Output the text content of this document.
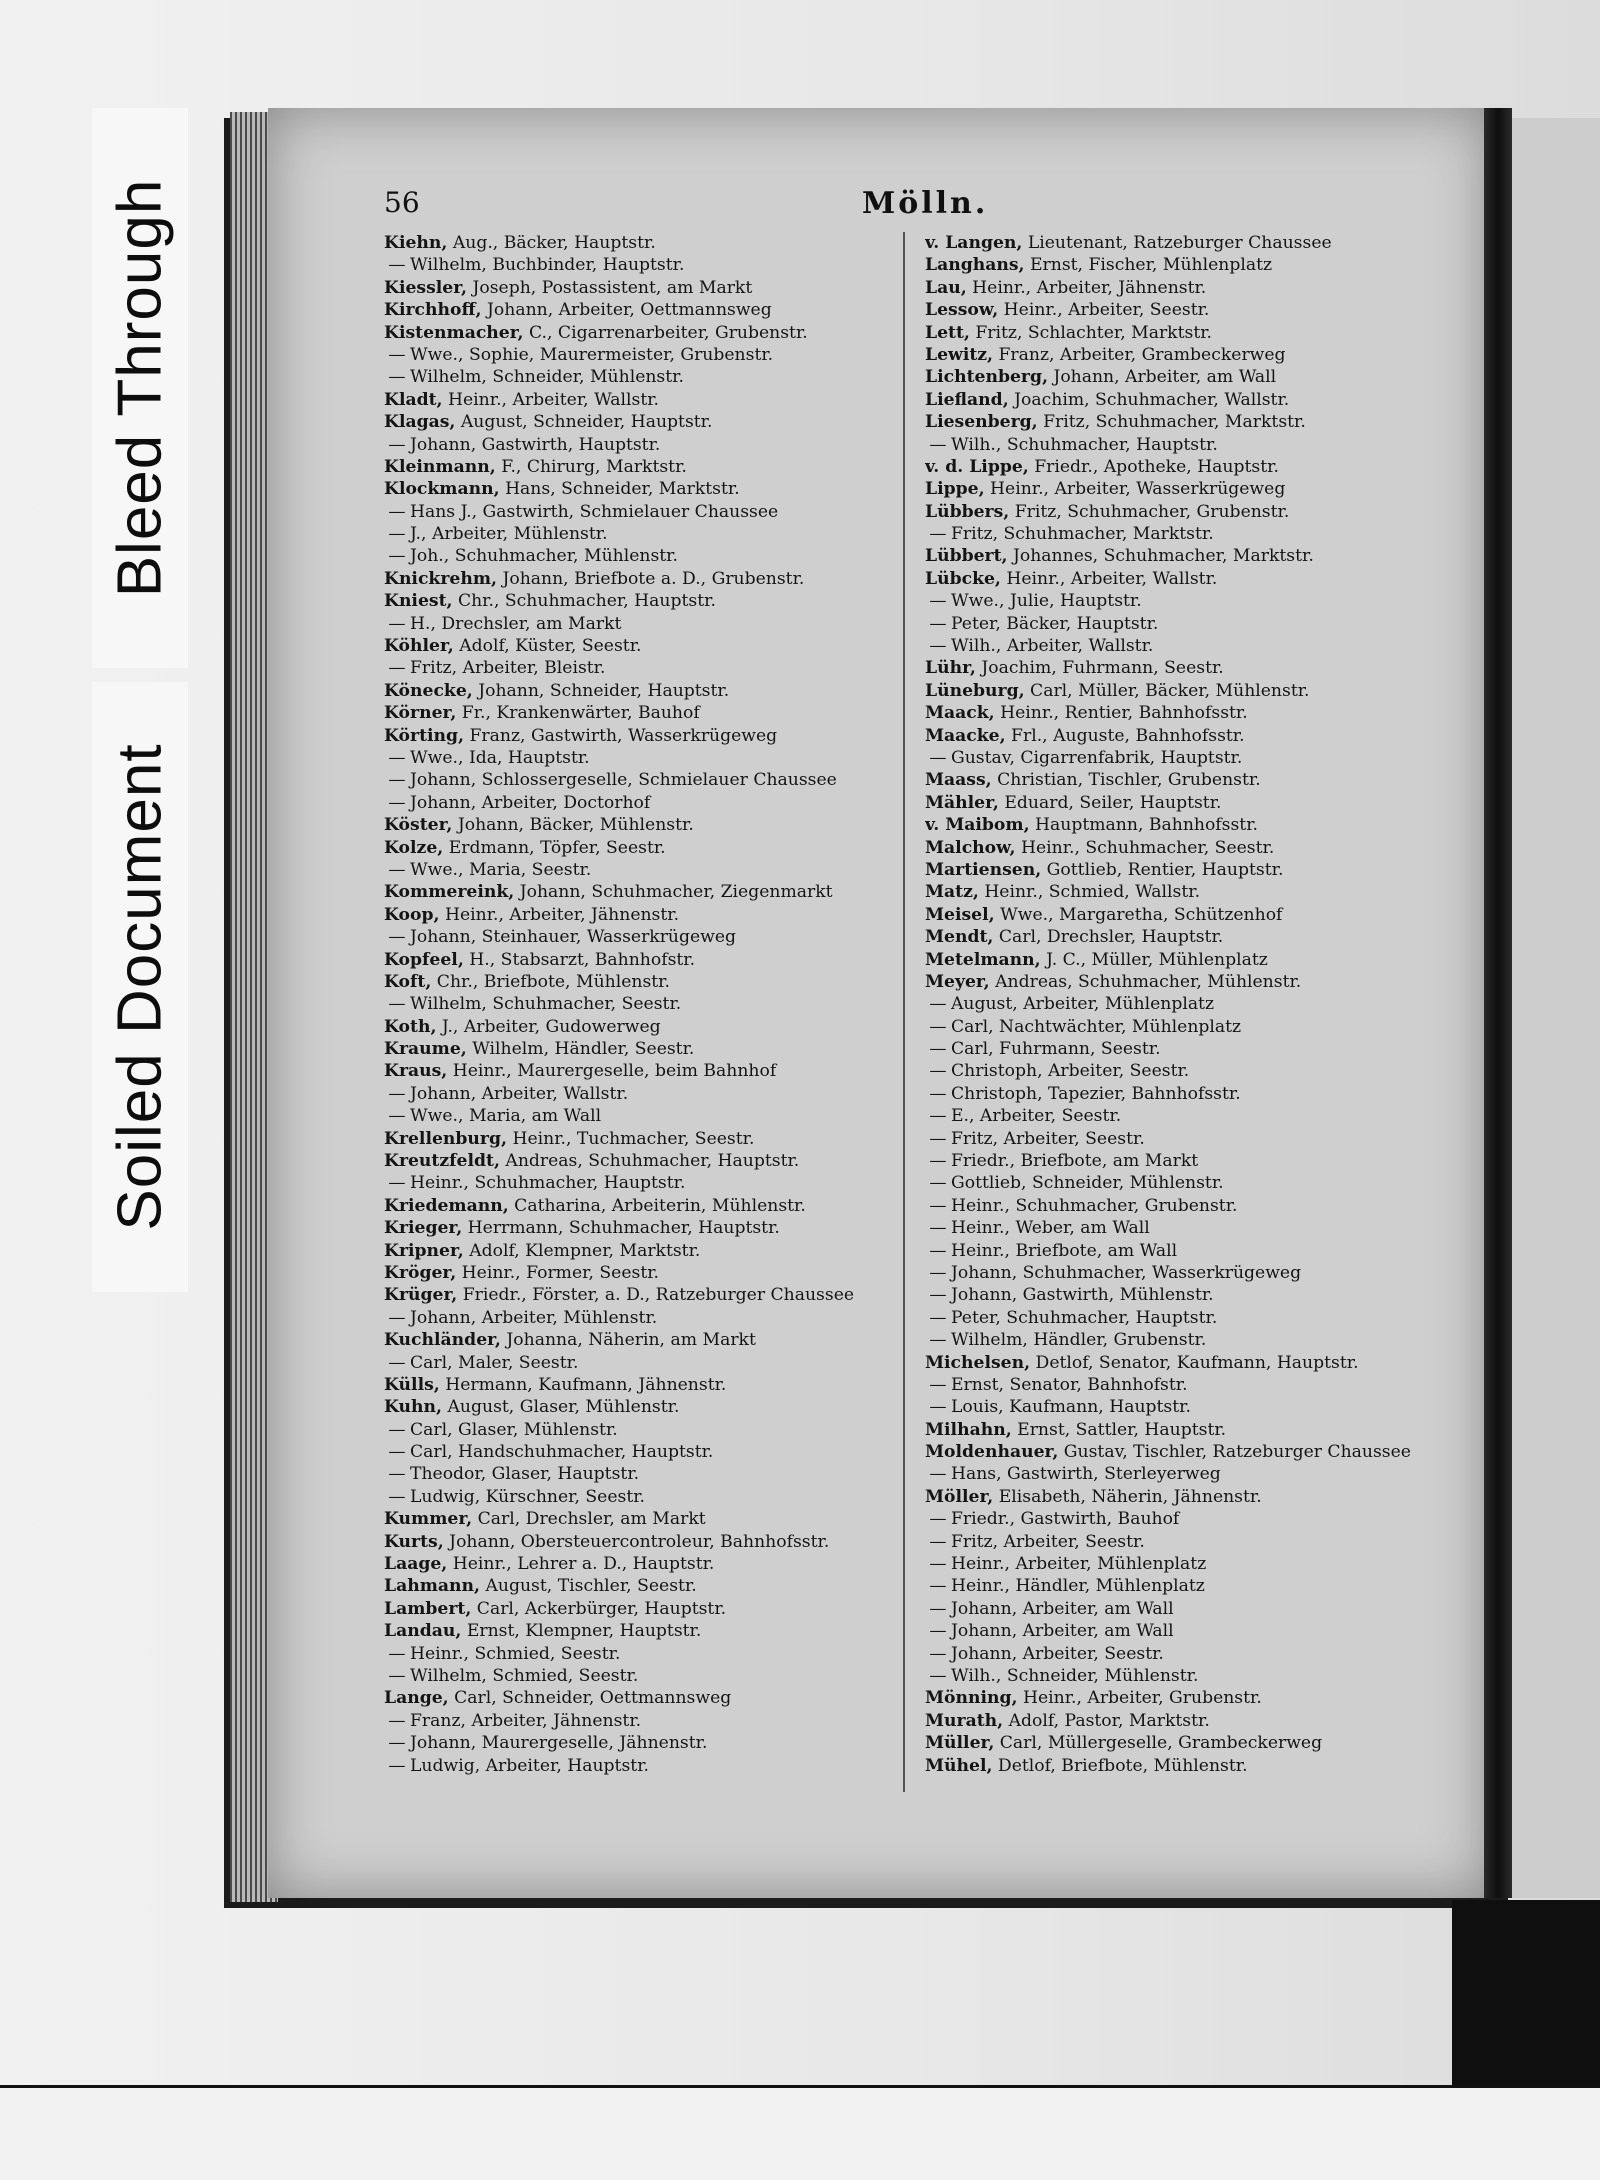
Bleed Through
Soiled Document
56	Mölln.
Kiehn, Aug., Bäcker, Hauptstr.
— Wilhelm, Buchbinder, Hauptstr.
Kiessler, Joseph, Postassistent, am Markt
Kirchhoff, Johann, Arbeiter, Oettmannsweg
Kistenmacher, C., Cigarrenarbeiter, Grubenstr.
— Wwe., Sophie, Maurermeister, Grubenstr.
— Wilhelm, Schneider, Mühlenstr.
Kladt, Heinr., Arbeiter, Wallstr.
Klagas, August, Schneider, Hauptstr.
— Johann, Gastwirth, Hauptstr.
Kleinmann, F., Chirurg, Marktstr.
Klockmann, Hans, Schneider, Marktstr.
— Hans J., Gastwirth, Schmielauer Chaussee
— J., Arbeiter, Mühlenstr.
— Joh., Schuhmacher, Mühlenstr.
Knickrehm, Johann, Briefbote a. D., Grubenstr.
Kniest, Chr., Schuhmacher, Hauptstr.
— H., Drechsler, am Markt
Köhler, Adolf, Küster, Seestr.
— Fritz, Arbeiter, Bleistr.
Könecke, Johann, Schneider, Hauptstr.
Körner, Fr., Krankenwärter, Bauhof
Körting, Franz, Gastwirth, Wasserkrügeweg
— Wwe., Ida, Hauptstr.
— Johann, Schlossergeselle, Schmielauer Chaussee
— Johann, Arbeiter, Doctorhof
Köster, Johann, Bäcker, Mühlenstr.
Kolze, Erdmann, Töpfer, Seestr.
— Wwe., Maria, Seestr.
Kommereink, Johann, Schuhmacher, Ziegenmarkt
Koop, Heinr., Arbeiter, Jähnenstr.
— Johann, Steinhauer, Wasserkrügeweg
Kopfeel, H., Stabsarzt, Bahnhofstr.
Koft, Chr., Briefbote, Mühlenstr.
— Wilhelm, Schuhmacher, Seestr.
Koth, J., Arbeiter, Gudowerweg
Kraume, Wilhelm, Händler, Seestr.
Kraus, Heinr., Maurergeselle, beim Bahnhof
— Johann, Arbeiter, Wallstr.
— Wwe., Maria, am Wall
Krellenburg, Heinr., Tuchmacher, Seestr.
Kreutzfeldt, Andreas, Schuhmacher, Hauptstr.
— Heinr., Schuhmacher, Hauptstr.
Kriedemann, Catharina, Arbeiterin, Mühlenstr.
Krieger, Herrmann, Schuhmacher, Hauptstr.
Kripner, Adolf, Klempner, Marktstr.
Kröger, Heinr., Former, Seestr.
Krüger, Friedr., Förster, a. D., Ratzeburger Chaussee
— Johann, Arbeiter, Mühlenstr.
Kuchländer, Johanna, Näherin, am Markt
— Carl, Maler, Seestr.
Külls, Hermann, Kaufmann, Jähnenstr.
Kuhn, August, Glaser, Mühlenstr.
— Carl, Glaser, Mühlenstr.
— Carl, Handschuhmacher, Hauptstr.
— Theodor, Glaser, Hauptstr.
— Ludwig, Kürschner, Seestr.
Kummer, Carl, Drechsler, am Markt
Kurts, Johann, Obersteuercontroleur, Bahnhofsstr.
Laage, Heinr., Lehrer a. D., Hauptstr.
Lahmann, August, Tischler, Seestr.
Lambert, Carl, Ackerbürger, Hauptstr.
Landau, Ernst, Klempner, Hauptstr.
— Heinr., Schmied, Seestr.
— Wilhelm, Schmied, Seestr.
Lange, Carl, Schneider, Oettmannsweg
— Franz, Arbeiter, Jähnenstr.
— Johann, Maurergeselle, Jähnenstr.
— Ludwig, Arbeiter, Hauptstr.
v. Langen, Lieutenant, Ratzeburger Chaussee
Langhans, Ernst, Fischer, Mühlenplatz
Lau, Heinr., Arbeiter, Jähnenstr.
Lessow, Heinr., Arbeiter, Seestr.
Lett, Fritz, Schlachter, Marktstr.
Lewitz, Franz, Arbeiter, Grambeckerweg
Lichtenberg, Johann, Arbeiter, am Wall
Liefland, Joachim, Schuhmacher, Wallstr.
Liesenberg, Fritz, Schuhmacher, Marktstr.
— Wilh., Schuhmacher, Hauptstr.
v. d. Lippe, Friedr., Apotheke, Hauptstr.
Lippe, Heinr., Arbeiter, Wasserkrügeweg
Lübbers, Fritz, Schuhmacher, Grubenstr.
— Fritz, Schuhmacher, Marktstr.
Lübbert, Johannes, Schuhmacher, Marktstr.
Lübcke, Heinr., Arbeiter, Wallstr.
— Wwe., Julie, Hauptstr.
— Peter, Bäcker, Hauptstr.
— Wilh., Arbeiter, Wallstr.
Lühr, Joachim, Fuhrmann, Seestr.
Lüneburg, Carl, Müller, Bäcker, Mühlenstr.
Maack, Heinr., Rentier, Bahnhofsstr.
Maacke, Frl., Auguste, Bahnhofsstr.
— Gustav, Cigarrenfabrik, Hauptstr.
Maass, Christian, Tischler, Grubenstr.
Mähler, Eduard, Seiler, Hauptstr.
v. Maibom, Hauptmann, Bahnhofsstr.
Malchow, Heinr., Schuhmacher, Seestr.
Martiensen, Gottlieb, Rentier, Hauptstr.
Matz, Heinr., Schmied, Wallstr.
Meisel, Wwe., Margaretha, Schützenhof
Mendt, Carl, Drechsler, Hauptstr.
Metelmann, J. C., Müller, Mühlenplatz
Meyer, Andreas, Schuhmacher, Mühlenstr.
— August, Arbeiter, Mühlenplatz
— Carl, Nachtwächter, Mühlenplatz
— Carl, Fuhrmann, Seestr.
— Christoph, Arbeiter, Seestr.
— Christoph, Tapezier, Bahnhofsstr.
— E., Arbeiter, Seestr.
— Fritz, Arbeiter, Seestr.
— Friedr., Briefbote, am Markt
— Gottlieb, Schneider, Mühlenstr.
— Heinr., Schuhmacher, Grubenstr.
— Heinr., Weber, am Wall
— Heinr., Briefbote, am Wall
— Johann, Schuhmacher, Wasserkrügeweg
— Johann, Gastwirth, Mühlenstr.
— Peter, Schuhmacher, Hauptstr.
— Wilhelm, Händler, Grubenstr.
Michelsen, Detlof, Senator, Kaufmann, Hauptstr.
— Ernst, Senator, Bahnhofstr.
— Louis, Kaufmann, Hauptstr.
Milhahn, Ernst, Sattler, Hauptstr.
Moldenhauer, Gustav, Tischler, Ratzeburger Chaussee
— Hans, Gastwirth, Sterleyerweg
Möller, Elisabeth, Näherin, Jähnenstr.
— Friedr., Gastwirth, Bauhof
— Fritz, Arbeiter, Seestr.
— Heinr., Arbeiter, Mühlenplatz
— Heinr., Händler, Mühlenplatz
— Johann, Arbeiter, am Wall
— Johann, Arbeiter, am Wall
— Johann, Arbeiter, Seestr.
— Wilh., Schneider, Mühlenstr.
Mönning, Heinr., Arbeiter, Grubenstr.
Murath, Adolf, Pastor, Marktstr.
Müller, Carl, Müllergeselle, Grambeckerweg
Mühel, Detlof, Briefbote, Mühlenstr.
